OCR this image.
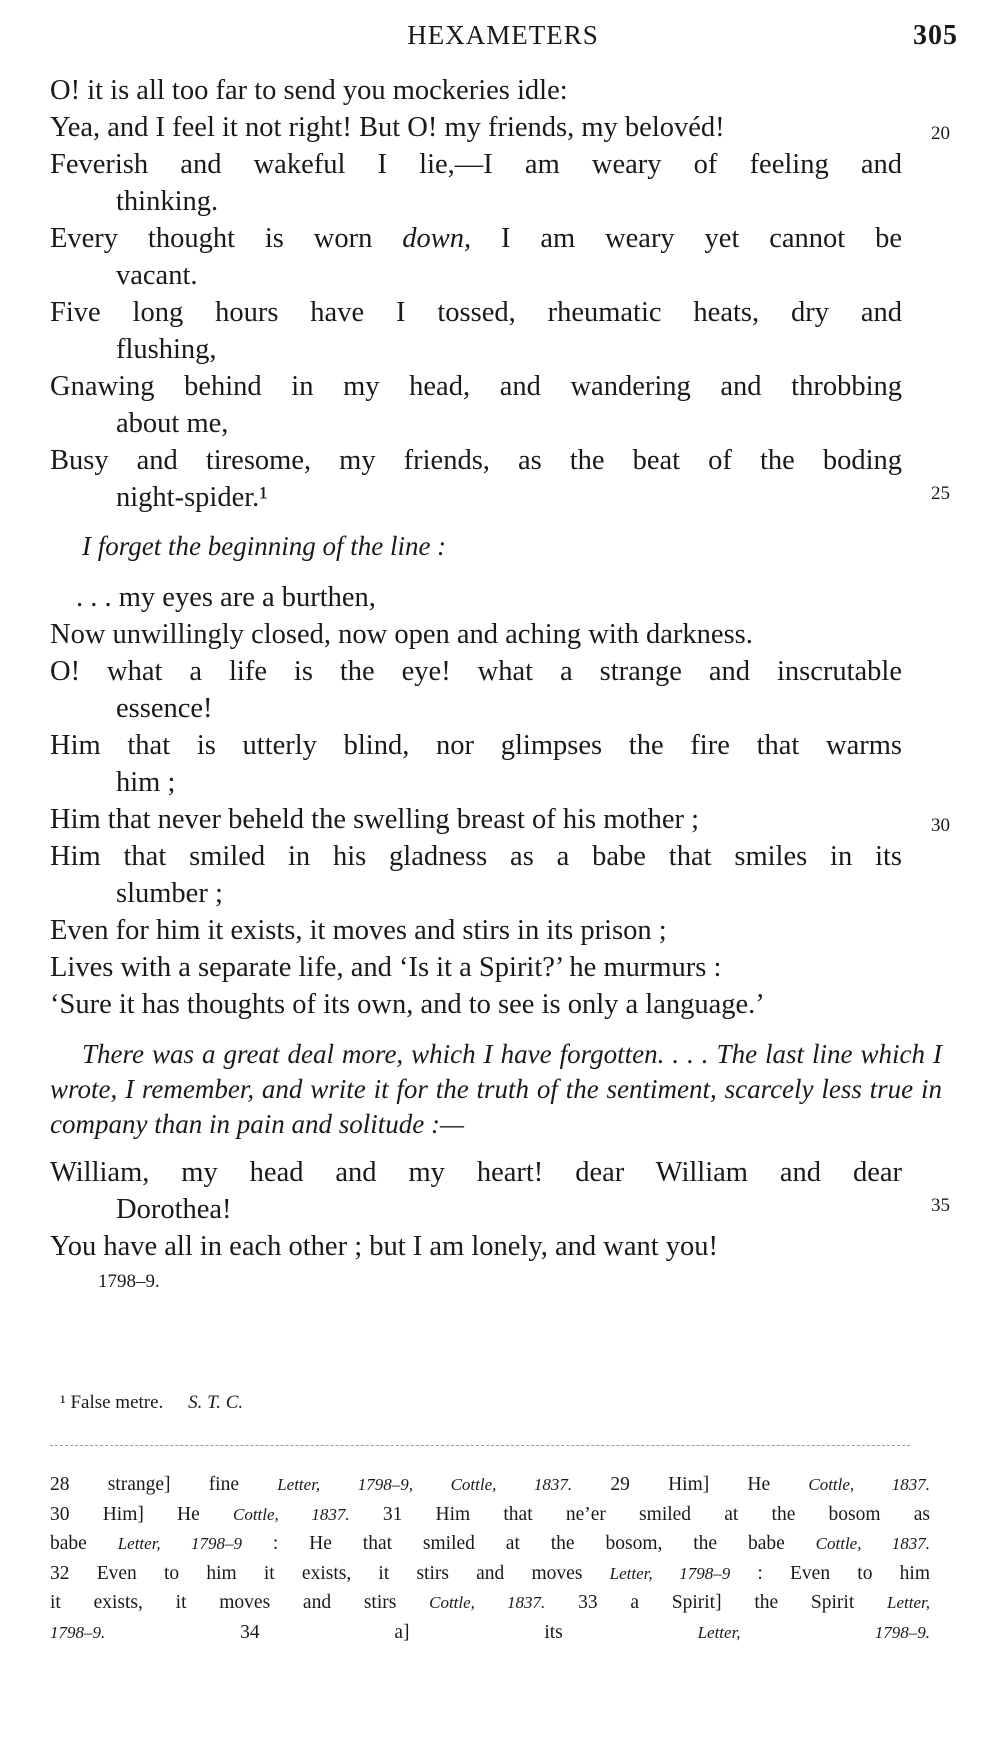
HEXAMETERS	305
O! it is all too far to send you mockeries idle:
Yea, and I feel it not right! But O! my friends, my belovéd!	20
Feverish and wakeful I lie,—I am weary of feeling and
thinking.
Every thought is worn down, I am weary yet cannot be
vacant.
Five long hours have I tossed, rheumatic heats, dry and
flushing,
Gnawing behind in my head, and wandering and throbbing
about me,
Busy and tiresome, my friends, as the beat of the boding
night-spider.¹	25
I forget the beginning of the line :
. . . my eyes are a burthen,
Now unwillingly closed, now open and aching with darkness.
O! what a life is the eye! what a strange and inscrutable
essence!
Him that is utterly blind, nor glimpses the fire that warms
him ;
Him that never beheld the swelling breast of his mother ;	30
Him that smiled in his gladness as a babe that smiles in its
slumber ;
Even for him it exists, it moves and stirs in its prison ;
Lives with a separate life, and ‘Is it a Spirit?’ he murmurs :
‘Sure it has thoughts of its own, and to see is only a language.’
There was a great deal more, which I have forgotten. . . . The last line which I wrote, I remember, and write it for the truth of the sentiment, scarcely less true in company than in pain and solitude :—
William, my head and my heart! dear William and dear
Dorothea!	35
You have all in each other ; but I am lonely, and want you!
1798–9.
¹ False metre. S. T. C.
28 strange] fine Letter, 1798–9, Cottle, 1837. 29 Him] He Cottle, 1837.
30 Him] He Cottle, 1837. 31 Him that ne’er smiled at the bosom as
babe Letter, 1798–9 : He that smiled at the bosom, the babe Cottle, 1837.
32 Even to him it exists, it stirs and moves Letter, 1798–9 : Even to him
it exists, it moves and stirs Cottle, 1837. 33 a Spirit] the Spirit Letter,
1798–9. 34 a] its Letter, 1798–9.
